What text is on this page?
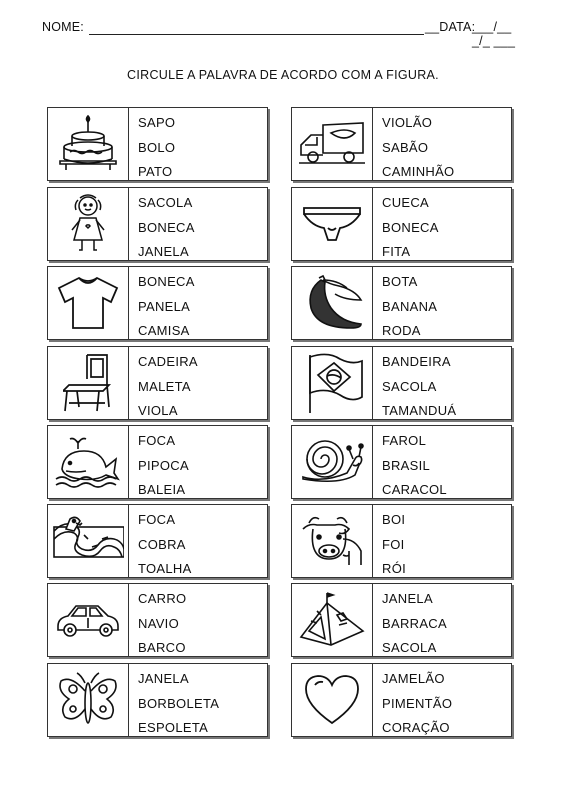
NOME:	__DATA:
___/__ _/_ ___
CIRCULE A PALAVRA DE ACORDO COM A FIGURA.
SAPO
BOLO
PATO
VIOLÃO
SABÃO
CAMINHÃO
SACOLA
BONECA
JANELA
CUECA
BONECA
FITA
BONECA
PANELA
CAMISA
BOTA
BANANA
RODA
CADEIRA
MALETA
VIOLA
BANDEIRA
SACOLA
TAMANDUÁ
FOCA
PIPOCA
BALEIA
FAROL
BRASIL
CARACOL
FOCA
COBRA
TOALHA
BOI
FOI
RÓI
CARRO
NAVIO
BARCO
JANELA
BARRACA
SACOLA
JANELA
BORBOLETA
ESPOLETA
JAMELÃO
PIMENTÃO
CORAÇÃO
